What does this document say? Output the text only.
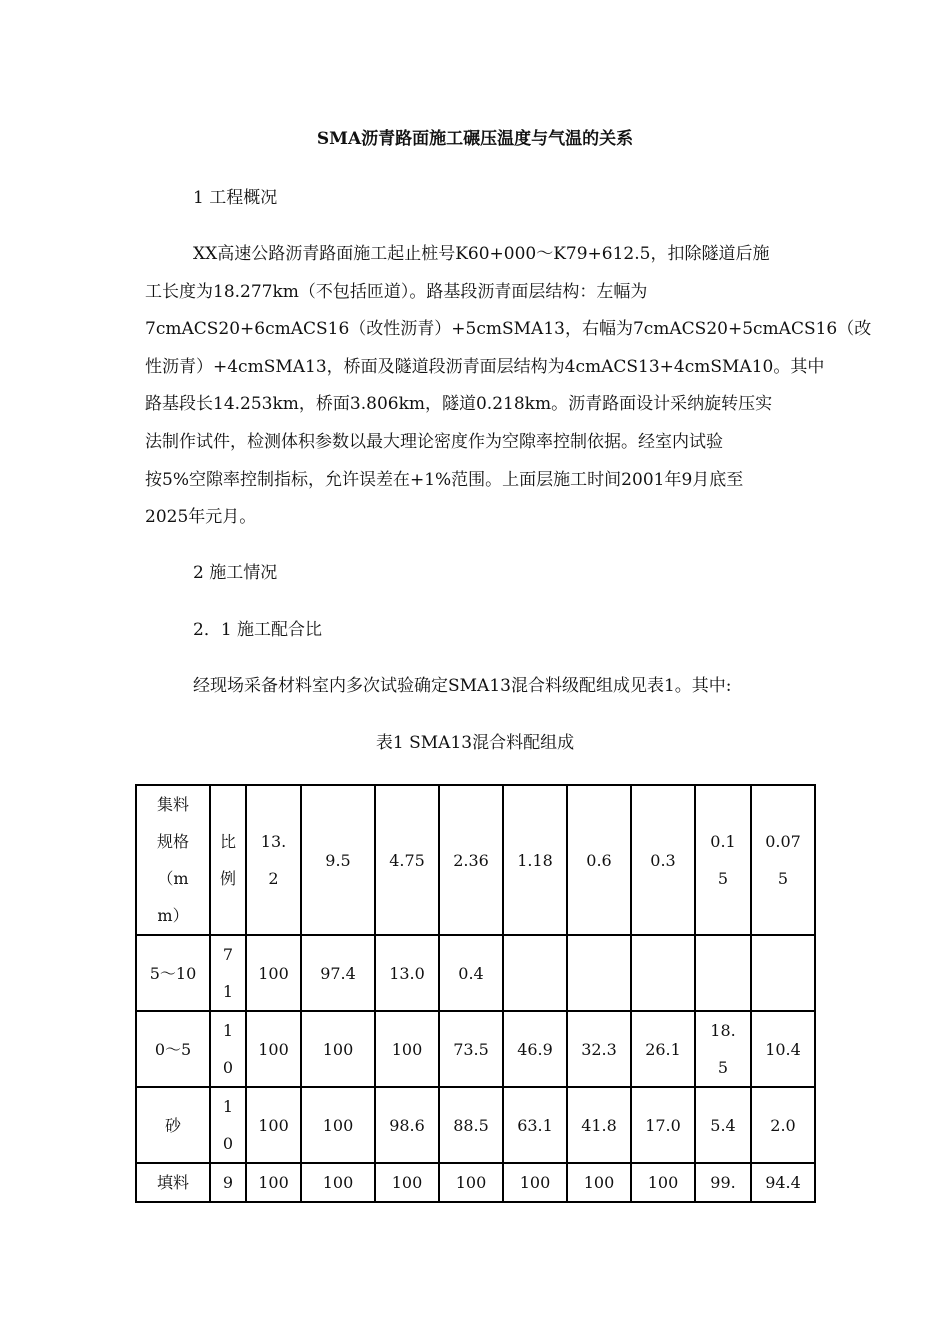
SMA沥青路面施工碾压温度与气温的关系
1 工程概况
XX高速公路沥青路面施工起止桩号K60+000～K79+612.5，扣除隧道后施
工长度为18.277km（不包括匝道）。路基段沥青面层结构：左幅为
7cmACS20+6cmACS16（改性沥青）+5cmSMA13，右幅为7cmACS20+5cmACS16（改
性沥青）+4cmSMA13，桥面及隧道段沥青面层结构为4cmACS13+4cmSMA10。其中
路基段长14.253km，桥面3.806km，隧道0.218km。沥青路面设计采纳旋转压实
法制作试件，检测体积参数以最大理论密度作为空隙率控制依据。经室内试验
按5%空隙率控制指标，允许误差在+1%范围。上面层施工时间2001年9月底至
2025年元月。
2 施工情况
2．1 施工配合比
经现场采备材料室内多次试验确定SMA13混合料级配组成见表1。其中:
表1 SMA13混合料配组成
集料规格（mm）	比例	13.2	9.5	4.75	2.36	1.18	0.6	0.3	0.15	0.075
5～10	71	100	97.4	13.0	0.4					
0～5	10	100	100	100	73.5	46.9	32.3	26.1	18.5	10.4
砂	10	100	100	98.6	88.5	63.1	41.8	17.0	5.4	2.0
填料	9	100	100	100	100	100	100	100	99.	94.4
